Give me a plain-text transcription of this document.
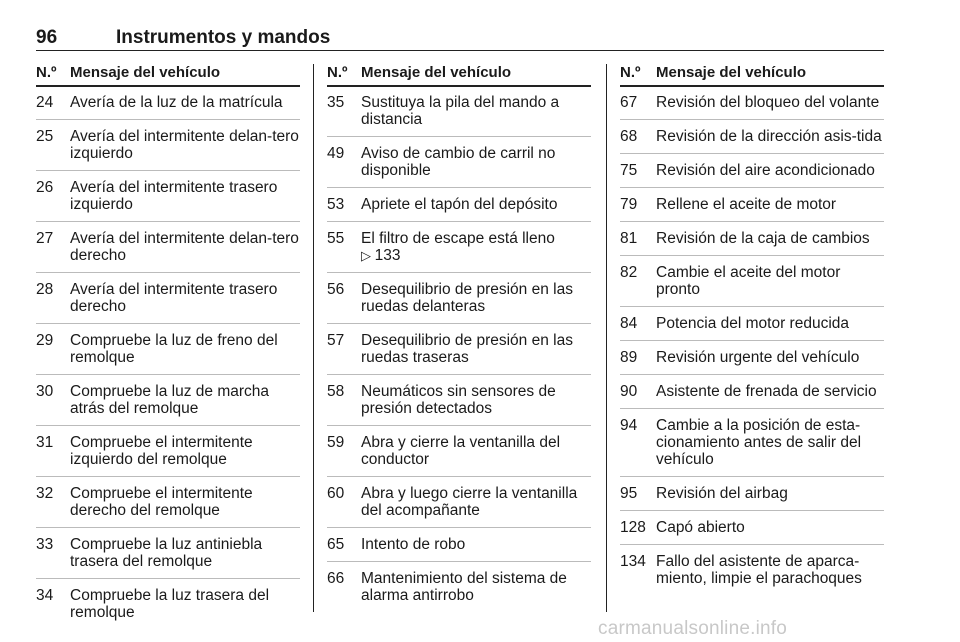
96	Instrumentos y mandos
N.º Mensaje del vehículo
24	Avería de la luz de la matrícula
25	Avería del intermitente delan-tero izquierdo
26	Avería del intermitente trasero izquierdo
27	Avería del intermitente delan-tero derecho
28	Avería del intermitente trasero derecho
29	Compruebe la luz de freno del remolque
30	Compruebe la luz de marcha atrás del remolque
31	Compruebe el intermitente izquierdo del remolque
32	Compruebe el intermitente derecho del remolque
33	Compruebe la luz antiniebla trasera del remolque
34	Compruebe la luz trasera del remolque
N.º Mensaje del vehículo
35	Sustituya la pila del mando a distancia
49	Aviso de cambio de carril no disponible
53	Apriete el tapón del depósito
55	El filtro de escape está lleno
▷ 133
56	Desequilibrio de presión en las ruedas delanteras
57	Desequilibrio de presión en las ruedas traseras
58	Neumáticos sin sensores de presión detectados
59	Abra y cierre la ventanilla del conductor
60	Abra y luego cierre la ventanilla del acompañante
65	Intento de robo
66	Mantenimiento del sistema de alarma antirrobo
N.º	Mensaje del vehículo
67	Revisión del bloqueo del volante
68	Revisión de la dirección asis-tida
75	Revisión del aire acondicionado
79	Rellene el aceite de motor
81	Revisión de la caja de cambios
82	Cambie el aceite del motor pronto
84	Potencia del motor reducida
89	Revisión urgente del vehículo
90	Asistente de frenada de servicio
94	Cambie a la posición de esta-cionamiento antes de salir del vehículo
95	Revisión del airbag
128 Capó abierto
134 Fallo del asistente de aparca-miento, limpie el parachoques
carmanualsonline.info
